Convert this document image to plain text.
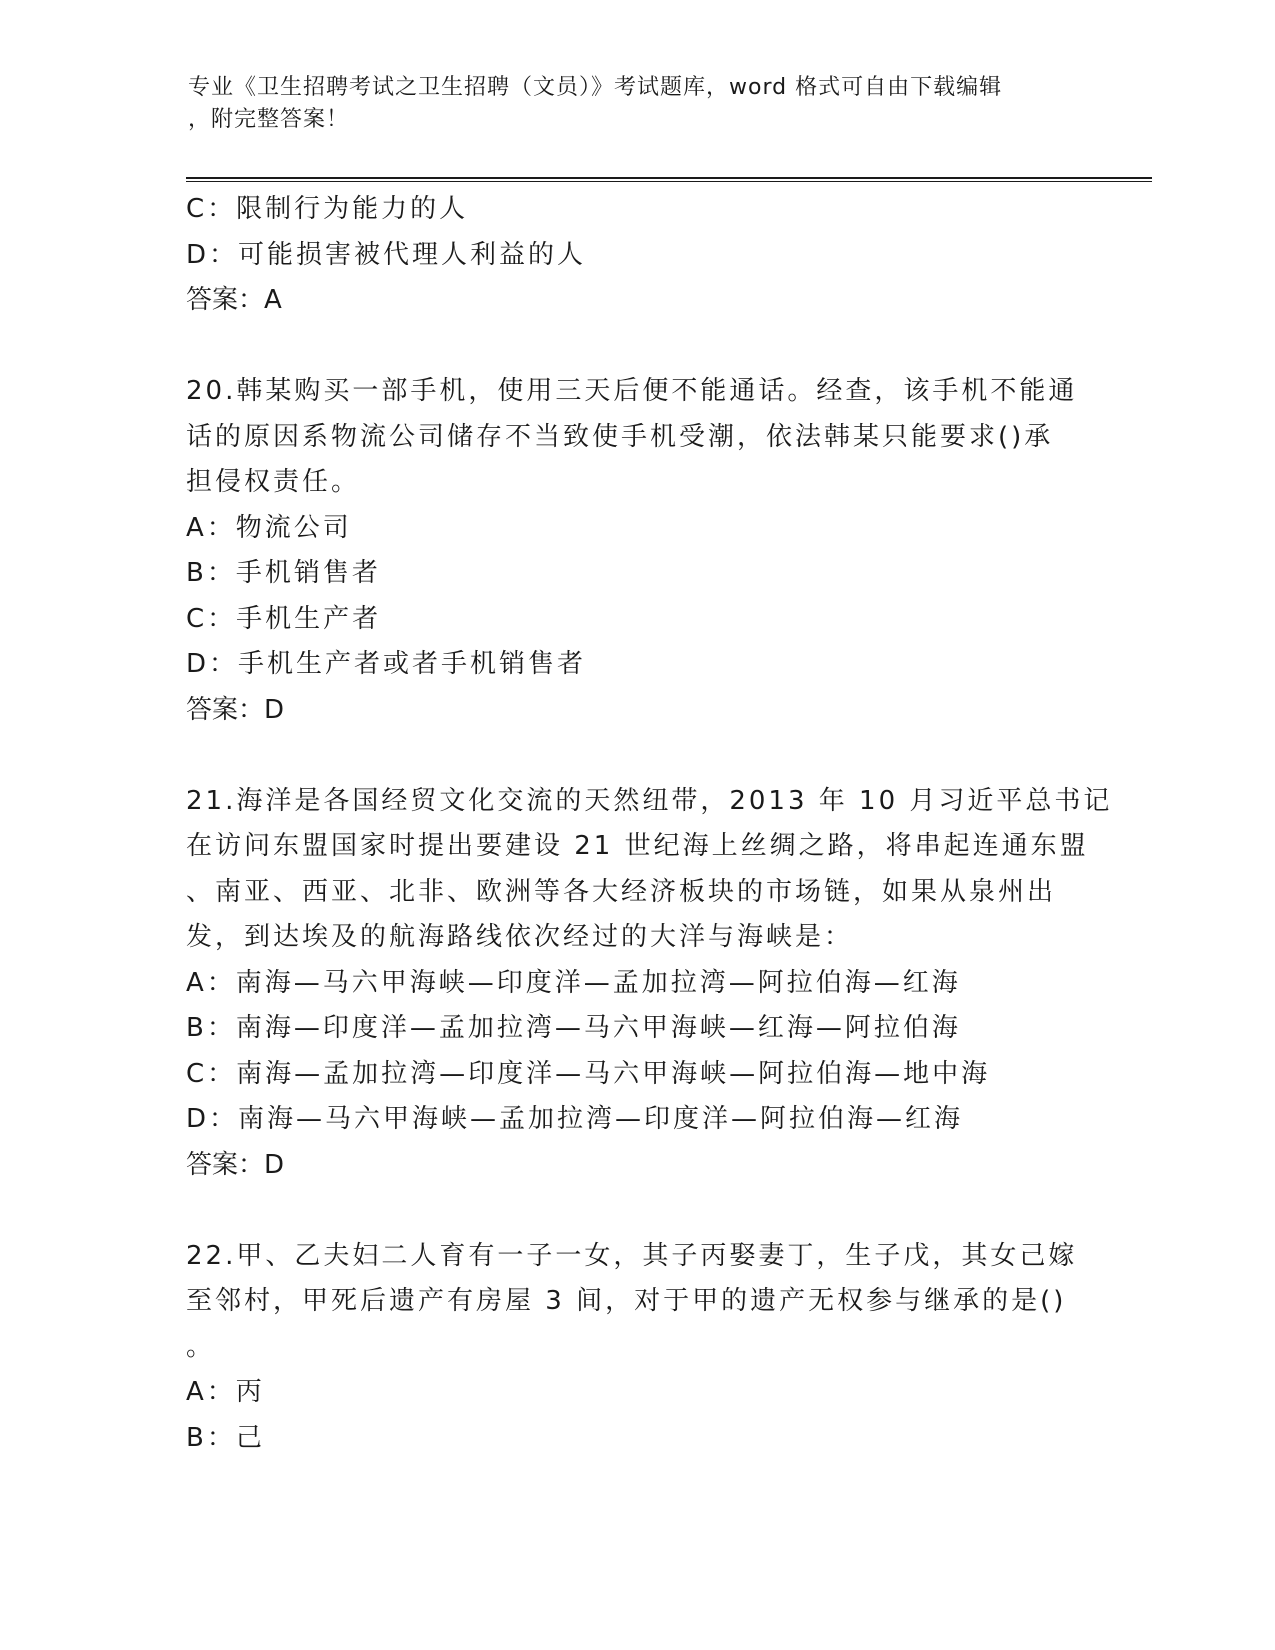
专业《卫生招聘考试之卫生招聘（文员）》考试题库，word 格式可自由下载编辑
，附完整答案！
C：限制行为能力的人
D：可能损害被代理人利益的人
答案：A
20.韩某购买一部手机，使用三天后便不能通话。经查，该手机不能通
话的原因系物流公司储存不当致使手机受潮，依法韩某只能要求()承
担侵权责任。
A：物流公司
B：手机销售者
C：手机生产者
D：手机生产者或者手机销售者
答案：D
21.海洋是各国经贸文化交流的天然纽带，2013 年 10 月习近平总书记
在访问东盟国家时提出要建设 21 世纪海上丝绸之路，将串起连通东盟
、南亚、西亚、北非、欧洲等各大经济板块的市场链，如果从泉州出
发，到达埃及的航海路线依次经过的大洋与海峡是：
A：南海—马六甲海峡—印度洋—孟加拉湾—阿拉伯海—红海
B：南海—印度洋—孟加拉湾—马六甲海峡—红海—阿拉伯海
C：南海—孟加拉湾—印度洋—马六甲海峡—阿拉伯海—地中海
D：南海—马六甲海峡—孟加拉湾—印度洋—阿拉伯海—红海
答案：D
22.甲、乙夫妇二人育有一子一女，其子丙娶妻丁，生子戊，其女己嫁
至邻村，甲死后遗产有房屋 3 间，对于甲的遗产无权参与继承的是()
。
A：丙
B：己
